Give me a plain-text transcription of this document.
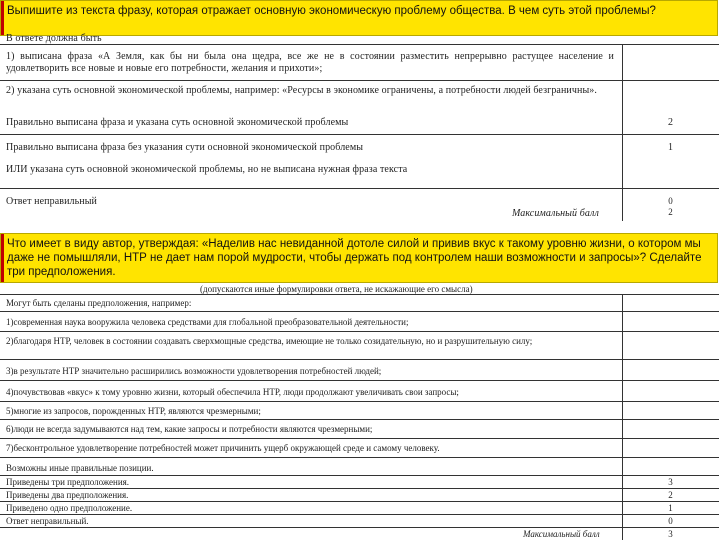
Выпишите из текста фразу, которая отражает основную экономическую проблему общества. В чем суть этой проблемы?
В ответе должна быть
1) выписана фраза «А Земля, как бы ни была она щедра, все же не в состоянии разместить непрерывно растущее население и удовлетворить все новые и новые его потребности, желания и прихоти»;
2) указана суть основной экономической проблемы, например: «Ресурсы в экономике ограничены, а потребности людей безграничны».
Правильно выписана фраза и указана суть основной экономической проблемы	2
Правильно выписана фраза без указания сути основной экономической проблемы	1
ИЛИ указана суть основной экономической проблемы, но не выписана нужная фраза текста
Ответ неправильный	0
Максимальный балл	2
Что имеет в виду автор, утверждая: «Наделив нас невиданной дотоле силой и привив вкус к такому уровню жизни, о котором мы даже не помышляли, НТР не дает нам порой мудрости, чтобы держать под контролем наши возможности и запросы»? Сделайте три предположения.
(допускаются иные формулировки ответа, не искажающие его смысла)
Могут быть сделаны предположения, например:
1)современная наука вооружила человека средствами для глобальной преобразовательной деятельности;
2)благодаря НТР, человек в состоянии создавать сверхмощные средства, имеющие не только созидательную, но и разрушительную силу;
3)в результате НТР значительно расширились возможности удовлетворения потребностей людей;
4)почувствовав «вкус» к тому уровню жизни, который обеспечила НТР, люди продолжают увеличивать свои запросы;
5)многие из запросов, порожденных НТР, являются чрезмерными;
6)люди не всегда задумываются над тем, какие запросы и потребности являются чрезмерными;
7)бесконтрольное удовлетворение потребностей может причинить ущерб окружающей среде и самому человеку.
Возможны иные правильные позиции.
Приведены три предположения.	3
Приведены два предположения.	2
Приведено одно предположение.	1
Ответ неправильный.	0
Максимальный балл	3
